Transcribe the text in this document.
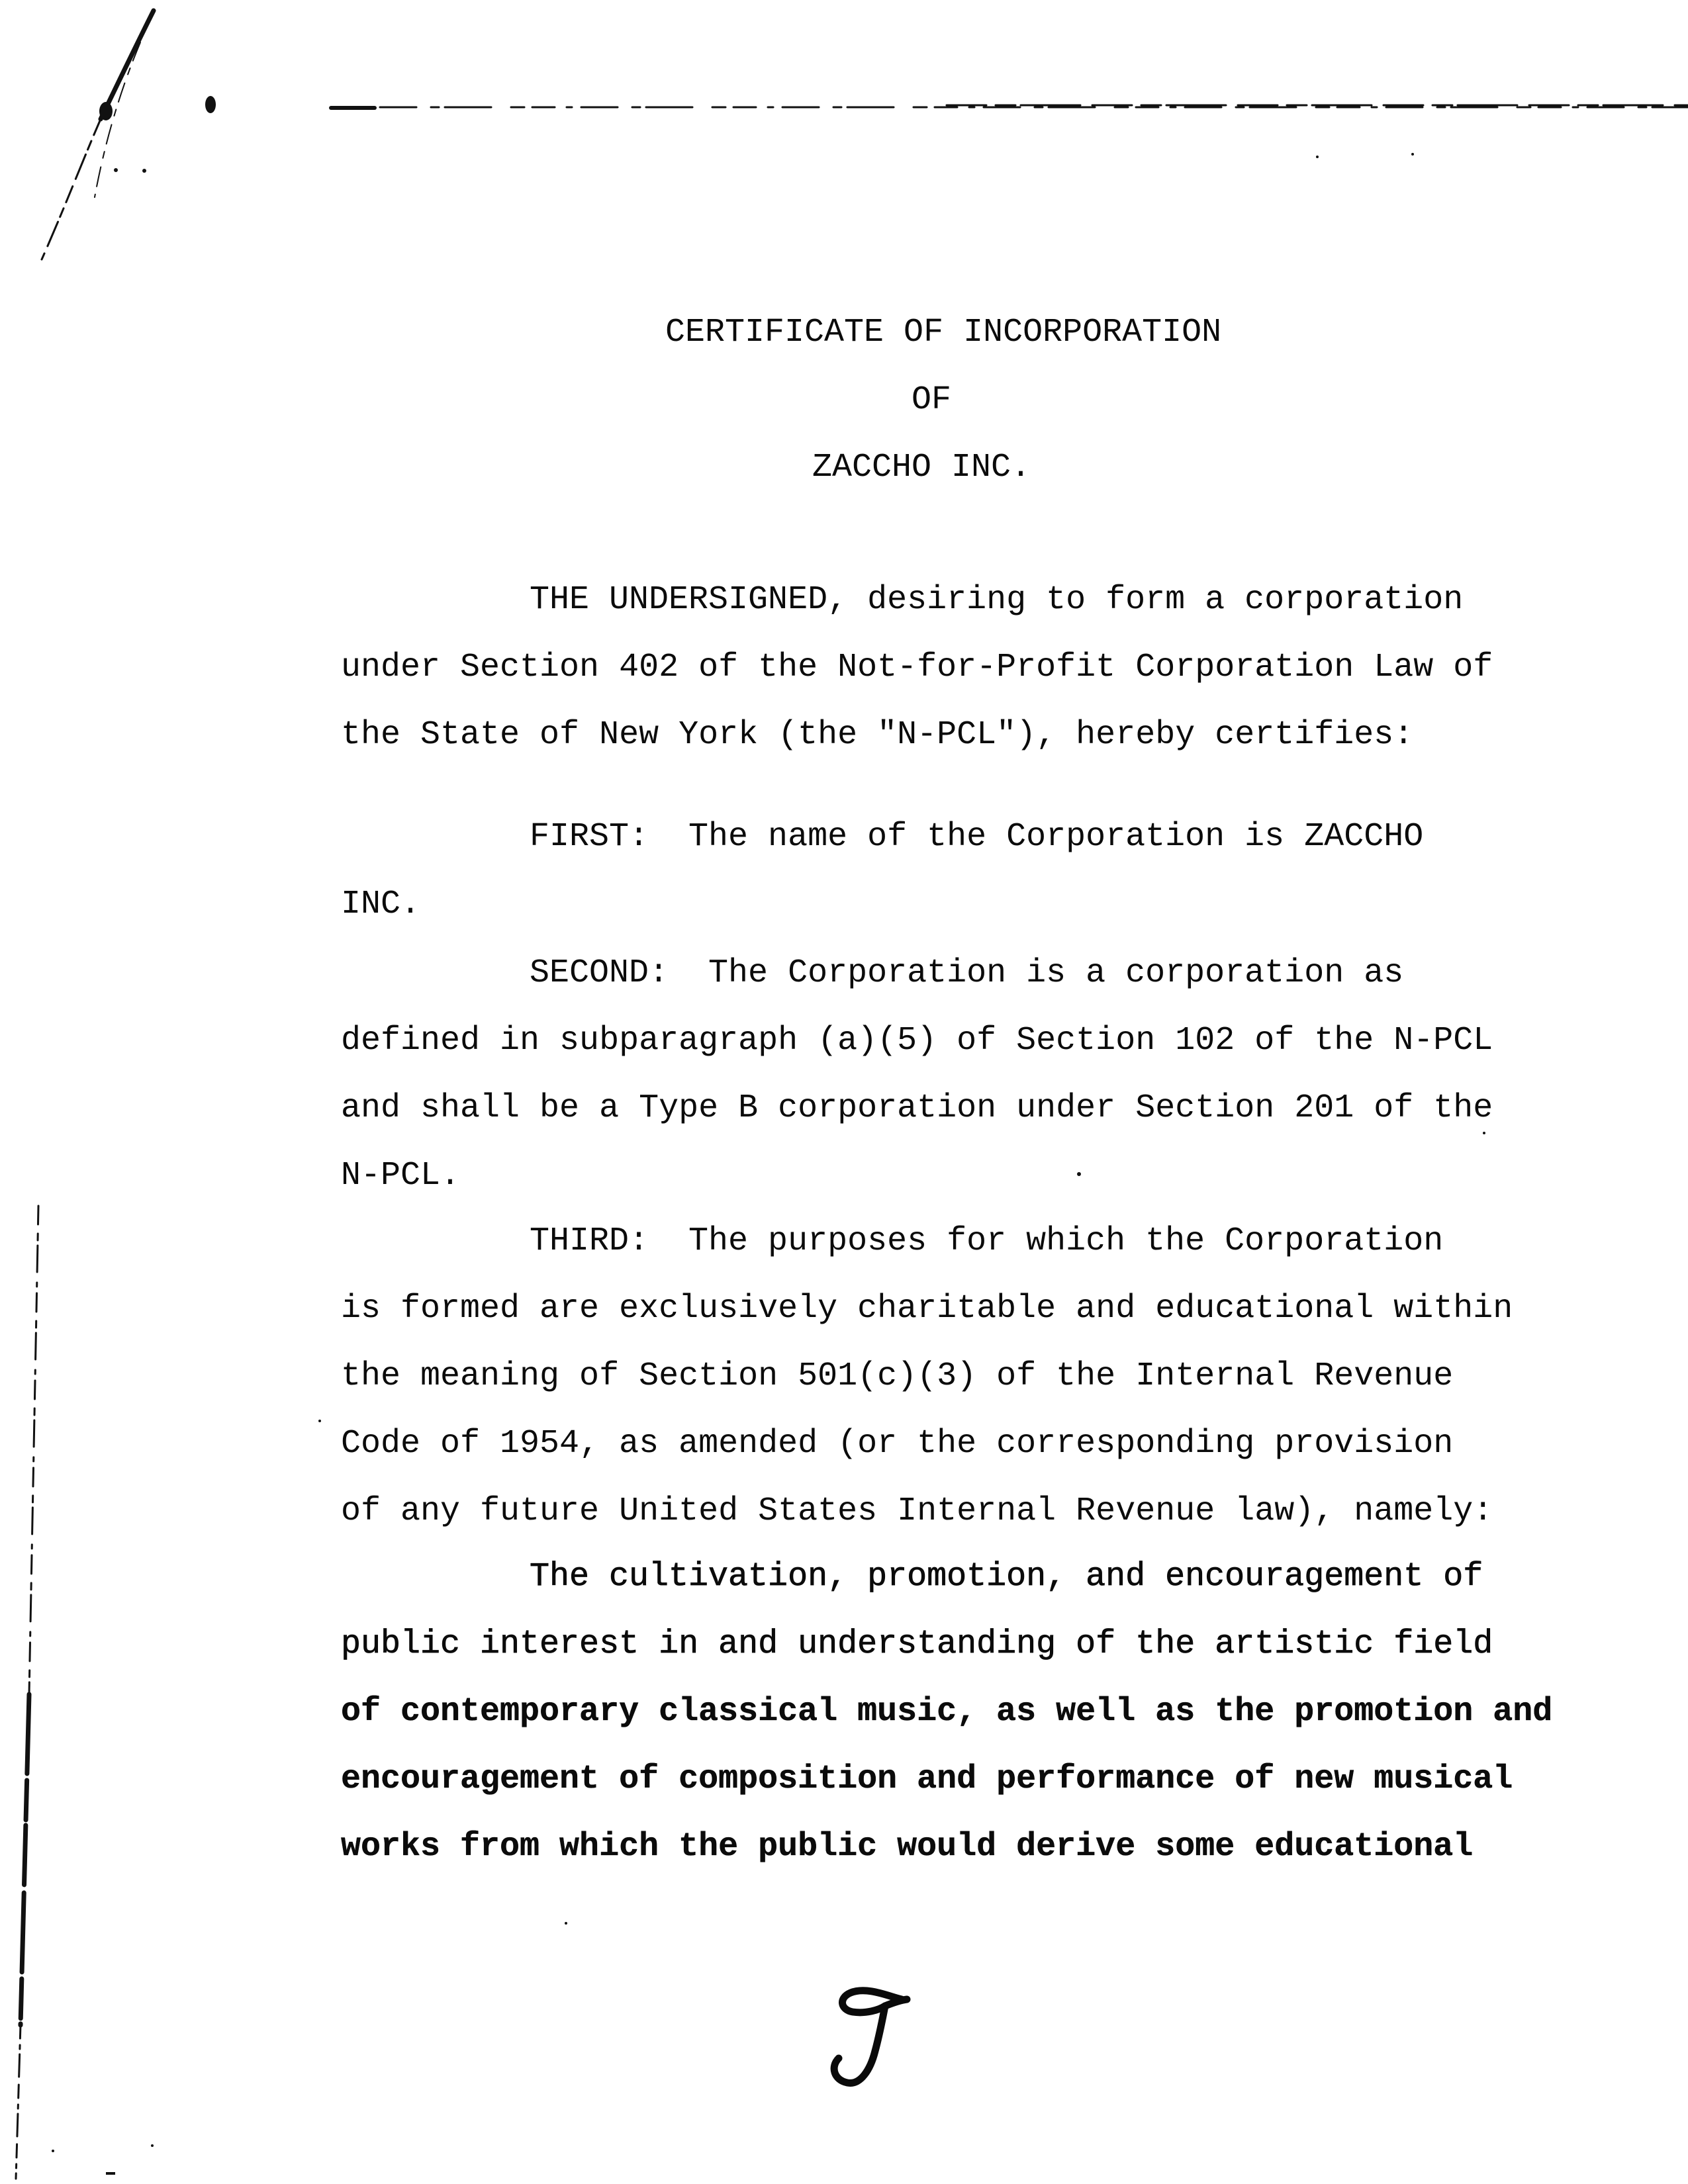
CERTIFICATE OF INCORPORATION
OF
ZACCHO INC.
THE UNDERSIGNED, desiring to form a corporation
under Section 402 of the Not-for-Profit Corporation Law of
the State of New York (the "N-PCL"), hereby certifies:
FIRST:  The name of the Corporation is ZACCHO
INC.
SECOND:  The Corporation is a corporation as
defined in subparagraph (a)(5) of Section 102 of the N-PCL
and shall be a Type B corporation under Section 201 of the
N-PCL.
THIRD:  The purposes for which the Corporation
is formed are exclusively charitable and educational within
the meaning of Section 501(c)(3) of the Internal Revenue
Code of 1954, as amended (or the corresponding provision
of any future United States Internal Revenue law), namely:
The cultivation, promotion, and encouragement of
public interest in and understanding of the artistic field
of contemporary classical music, as well as the promotion and
encouragement of composition and performance of new musical
works from which the public would derive some educational
